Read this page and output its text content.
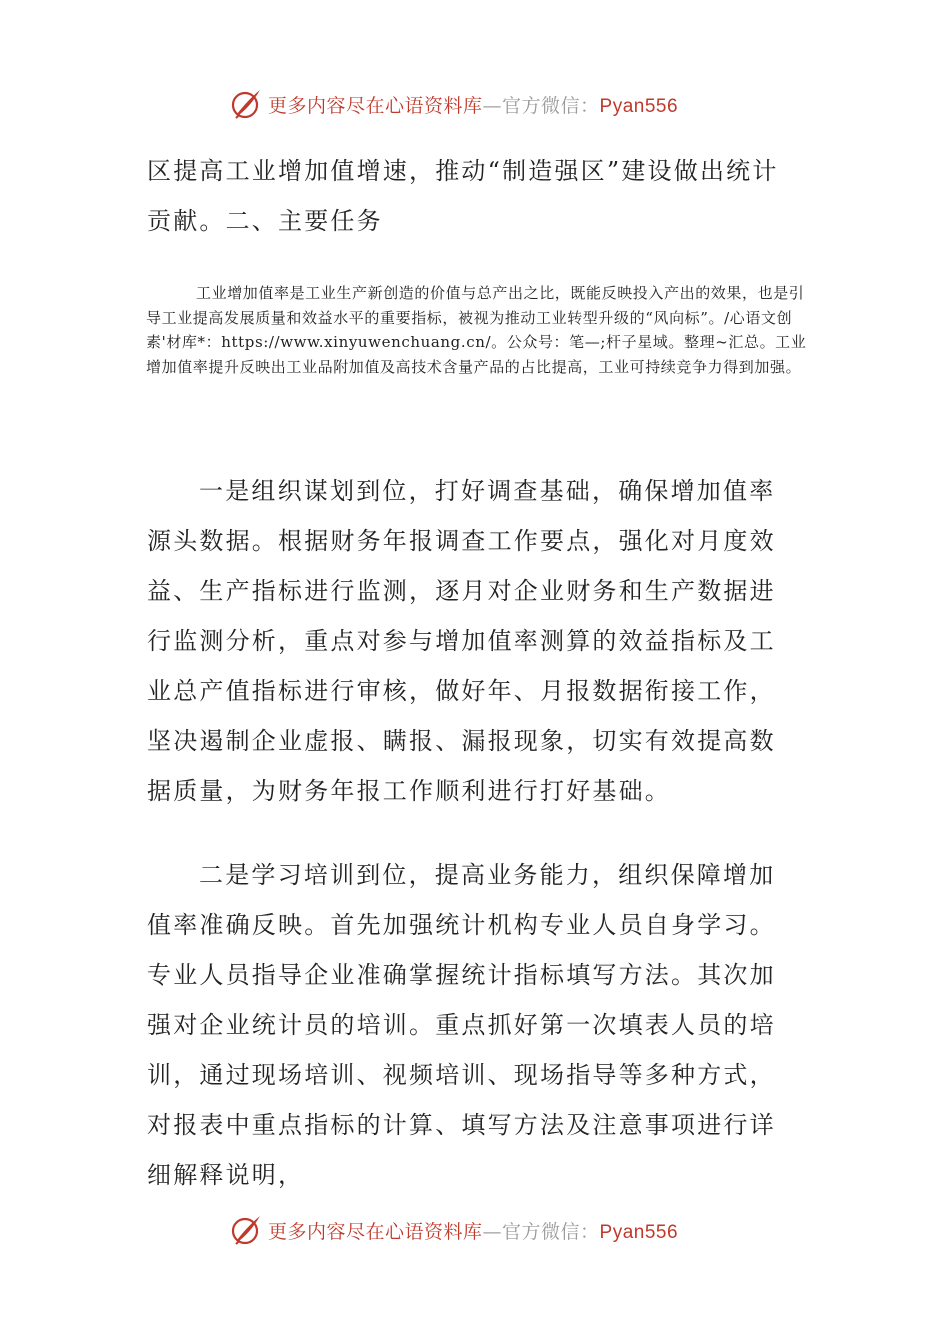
更多内容尽在心语资料库—官方微信：Pyan556

区提高工业增加值增速，推动“制造强区”建设做出统计贡献。二、主要任务

工业增加值率是工业生产新创造的价值与总产出之比，既能反映投入产出的效果，也是引导工业提高发展质量和效益水平的重要指标，被视为推动工业转型升级的“风向标”。/心语文创素'材库*：https://www.xinyuwenchuang.cn/。公众号：笔—;杆子星域。整理~汇总。工业增加值率提升反映出工业品附加值及高技术含量产品的占比提高，工业可持续竞争力得到加强。

一是组织谋划到位，打好调查基础，确保增加值率源头数据。根据财务年报调查工作要点，强化对月度效益、生产指标进行监测，逐月对企业财务和生产数据进行监测分析，重点对参与增加值率测算的效益指标及工业总产值指标进行审核，做好年、月报数据衔接工作，坚决遏制企业虚报、瞒报、漏报现象，切实有效提高数据质量，为财务年报工作顺利进行打好基础。

二是学习培训到位，提高业务能力，组织保障增加值率准确反映。首先加强统计机构专业人员自身学习。专业人员指导企业准确掌握统计指标填写方法。其次加强对企业统计员的培训。重点抓好第一次填表人员的培训，通过现场培训、视频培训、现场指导等多种方式，对报表中重点指标的计算、填写方法及注意事项进行详细解释说明，

更多内容尽在心语资料库—官方微信：Pyan556
